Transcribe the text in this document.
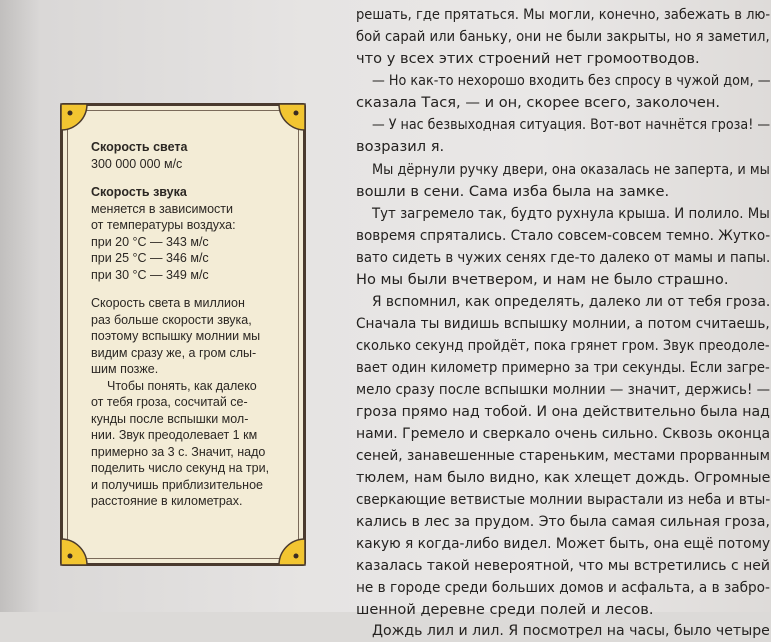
Скорость света

300 000 000 м/с

Скорость звука

меняется в зависимости

от температуры воздуха:

при 20 °С — 343 м/с

при 25 °С — 346 м/с

при 30 °С — 349 м/с

Скорость света в миллион

раз больше скорости звука,

поэтому вспышку молнии мы

видим сразу же, а гром слы-

шим позже.

Чтобы понять, как далеко

от тебя гроза, сосчитай се-

кунды после вспышки мол-

нии. Звук преодолевает 1 км

примерно за 3 с. Значит, надо

поделить число секунд на три,

и получишь приблизительное

расстояние в километрах.

решать, где прятаться. Мы могли, конечно, забежать в лю-
бой сарай или баньку, они не были закрыты, но я заметил,
что у всех этих строений нет громоотводов.
— Но как-то нехорошо входить без спросу в чужой дом, —
сказала Тася, — и он, скорее всего, заколочен.
— У нас безвыходная ситуация. Вот-вот начнётся гроза! —
возразил я.
Мы дёрнули ручку двери, она оказалась не заперта, и мы
вошли в сени. Сама изба была на замке.
Тут загремело так, будто рухнула крыша. И полило. Мы
вовремя спрятались. Стало совсем-совсем темно. Жутко-
вато сидеть в чужих сенях где-то далеко от мамы и папы.
Но мы были вчетвером, и нам не было страшно.
Я вспомнил, как определять, далеко ли от тебя гроза.
Сначала ты видишь вспышку молнии, а потом считаешь,
сколько секунд пройдёт, пока грянет гром. Звук преодоле-
вает один километр примерно за три секунды. Если загре-
мело сразу после вспышки молнии — значит, держись! —
гроза прямо над тобой. И она действительно была над
нами. Гремело и сверкало очень сильно. Сквозь оконца
сеней, занавешенные стареньким, местами прорванным
тюлем, нам было видно, как хлещет дождь. Огромные
сверкающие ветвистые молнии вырастали из неба и вты-
кались в лес за прудом. Это была самая сильная гроза,
какую я когда-либо видел. Может быть, она ещё потому
казалась такой невероятной, что мы встретились с ней
не в городе среди больших домов и асфальта, а в забро-
шенной деревне среди полей и лесов.
Дождь лил и лил. Я посмотрел на часы, было четыре
